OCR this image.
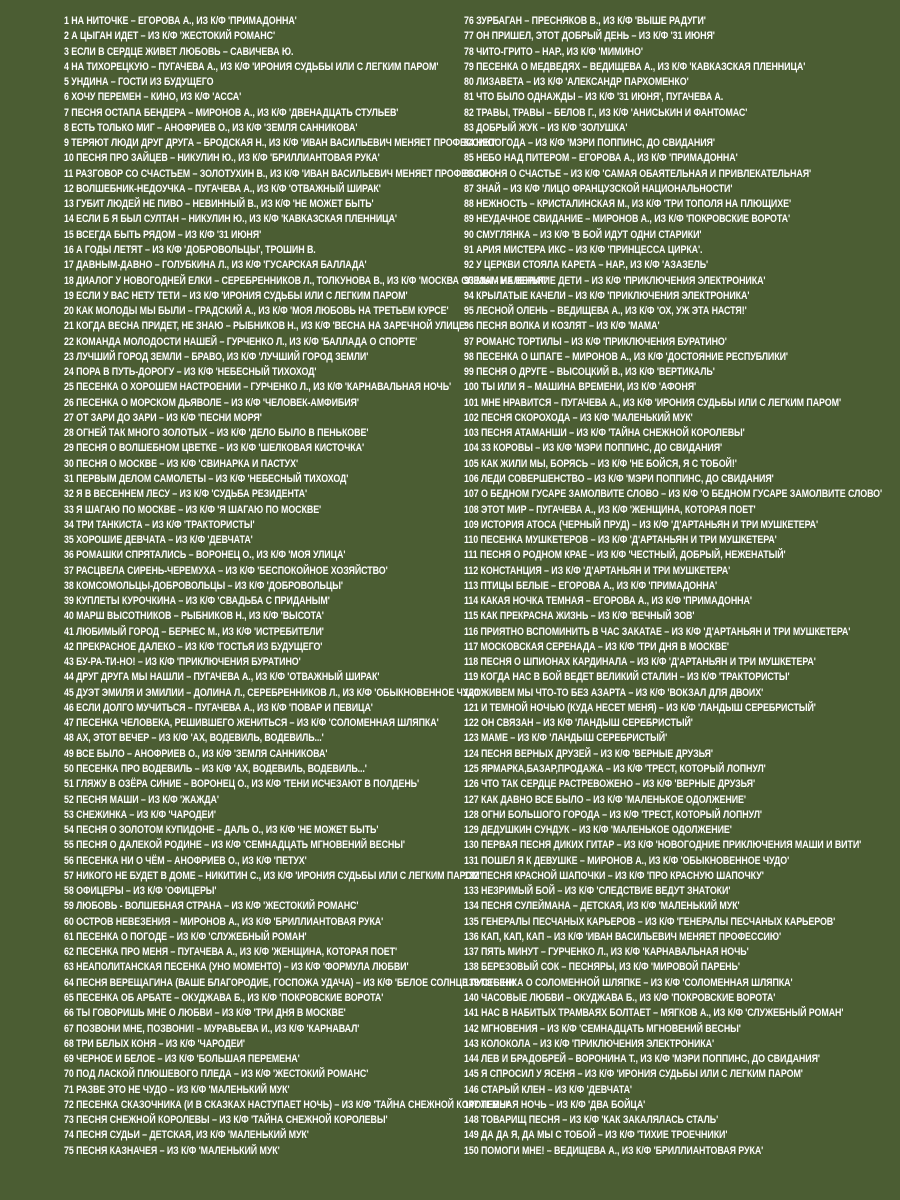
1 НА НИТОЧКЕ – ЕГОРОВА А., ИЗ К/Ф 'ПРИМАДОННА'
2 А ЦЫГАН ИДЕТ – ИЗ К/Ф 'ЖЕСТОКИЙ РОМАНС'
3 ЕСЛИ В СЕРДЦЕ ЖИВЕТ ЛЮБОВЬ – САВИЧЕВА Ю.
4 НА ТИХОРЕЦКУЮ – ПУГАЧЕВА А., ИЗ К/Ф 'ИРОНИЯ СУДЬБЫ ИЛИ С ЛЕГКИМ ПАРОМ'
5 УНДИНА – ГОСТИ ИЗ БУДУЩЕГО
6 ХОЧУ ПЕРЕМЕН – КИНО, ИЗ К/Ф 'АССА'
7 ПЕСНЯ ОСТАПА БЕНДЕРА – МИРОНОВ А., ИЗ К/Ф 'ДВЕНАДЦАТЬ СТУЛЬЕВ'
8 ЕСТЬ ТОЛЬКО МИГ – АНОФРИЕВ О., ИЗ К/Ф 'ЗЕМЛЯ САННИКОВА'
9 ТЕРЯЮТ ЛЮДИ ДРУГ ДРУГА – БРОДСКАЯ Н., ИЗ К/Ф 'ИВАН ВАСИЛЬЕВИЧ МЕНЯЕТ ПРОФЕССИЮ'
10 ПЕСНЯ ПРО ЗАЙЦЕВ – НИКУЛИН Ю., ИЗ К/Ф 'БРИЛЛИАНТОВАЯ РУКА'
11 РАЗГОВОР СО СЧАСТЬЕМ – ЗОЛОТУХИН В., ИЗ К/Ф 'ИВАН ВАСИЛЬЕВИЧ МЕНЯЕТ ПРОФЕССИЮ'
12 ВОЛШЕБНИК-НЕДОУЧКА – ПУГАЧЕВА А., ИЗ К/Ф 'ОТВАЖНЫЙ ШИРАК'
13 ГУБИТ ЛЮДЕЙ НЕ ПИВО – НЕВИННЫЙ В., ИЗ К/Ф 'НЕ МОЖЕТ БЫТЬ'
14 ЕСЛИ Б Я БЫЛ СУЛТАН – НИКУЛИН Ю., ИЗ К/Ф 'КАВКАЗСКАЯ ПЛЕННИЦА'
15 ВСЕГДА БЫТЬ РЯДОМ – ИЗ К/Ф '31 ИЮНЯ'
16 А ГОДЫ ЛЕТЯТ – ИЗ К/Ф 'ДОБРОВОЛЬЦЫ', ТРОШИН В.
17 ДАВНЫМ-ДАВНО – ГОЛУБКИНА Л., ИЗ К/Ф 'ГУСАРСКАЯ БАЛЛАДА'
18 ДИАЛОГ У НОВОГОДНЕЙ ЕЛКИ – СЕРЕБРЕННИКОВ Л., ТОЛКУНОВА В., ИЗ К/Ф 'МОСКВА СЛЕЗАМ НЕ ВЕРИТ'
19 ЕСЛИ У ВАС НЕТУ ТЕТИ – ИЗ К/Ф 'ИРОНИЯ СУДЬБЫ ИЛИ С ЛЕГКИМ ПАРОМ'
20 КАК МОЛОДЫ МЫ БЫЛИ – ГРАДСКИЙ А., ИЗ К/Ф 'МОЯ ЛЮБОВЬ НА ТРЕТЬЕМ КУРСЕ'
21 КОГДА ВЕСНА ПРИДЕТ, НЕ ЗНАЮ – РЫБНИКОВ Н., ИЗ К/Ф 'ВЕСНА НА ЗАРЕЧНОЙ УЛИЦЕ'
22 КОМАНДА МОЛОДОСТИ НАШЕЙ – ГУРЧЕНКО Л., ИЗ К/Ф 'БАЛЛАДА О СПОРТЕ'
23 ЛУЧШИЙ ГОРОД ЗЕМЛИ – БРАВО, ИЗ К/Ф 'ЛУЧШИЙ ГОРОД ЗЕМЛИ'
24 ПОРА В ПУТЬ-ДОРОГУ – ИЗ К/Ф 'НЕБЕСНЫЙ ТИХОХОД'
25 ПЕСЕНКА О ХОРОШЕМ НАСТРОЕНИИ – ГУРЧЕНКО Л., ИЗ К/Ф 'КАРНАВАЛЬНАЯ НОЧЬ'
26 ПЕСЕНКА О МОРСКОМ ДЬЯВОЛЕ – ИЗ К/Ф 'ЧЕЛОВЕК-АМФИБИЯ'
27 ОТ ЗАРИ ДО ЗАРИ – ИЗ К/Ф 'ПЕСНИ МОРЯ'
28 ОГНЕЙ ТАК МНОГО ЗОЛОТЫХ – ИЗ К/Ф 'ДЕЛО БЫЛО В ПЕНЬКОВЕ'
29 ПЕСНЯ О ВОЛШЕБНОМ ЦВЕТКЕ – ИЗ К/Ф 'ШЕЛКОВАЯ КИСТОЧКА'
30 ПЕСНЯ О МОСКВЕ – ИЗ К/Ф 'СВИНАРКА И ПАСТУХ'
31 ПЕРВЫМ ДЕЛОМ САМОЛЕТЫ – ИЗ К/Ф 'НЕБЕСНЫЙ ТИХОХОД'
32 Я В ВЕСЕННЕМ ЛЕСУ – ИЗ К/Ф 'СУДЬБА РЕЗИДЕНТА'
33 Я ШАГАЮ ПО МОСКВЕ – ИЗ К/Ф 'Я ШАГАЮ ПО МОСКВЕ'
34 ТРИ ТАНКИСТА – ИЗ К/Ф 'ТРАКТОРИСТЫ'
35 ХОРОШИЕ ДЕВЧАТА – ИЗ К/Ф 'ДЕВЧАТА'
36 РОМАШКИ СПРЯТАЛИСЬ – ВОРОНЕЦ О., ИЗ К/Ф 'МОЯ УЛИЦА'
37 РАСЦВЕЛА СИРЕНЬ-ЧЕРЕМУХА – ИЗ К/Ф 'БЕСПОКОЙНОЕ ХОЗЯЙСТВО'
38 КОМСОМОЛЬЦЫ-ДОБРОВОЛЬЦЫ – ИЗ К/Ф 'ДОБРОВОЛЬЦЫ'
39 КУПЛЕТЫ КУРОЧКИНА – ИЗ К/Ф 'СВАДЬБА С ПРИДАНЫМ'
40 МАРШ ВЫСОТНИКОВ – РЫБНИКОВ Н., ИЗ К/Ф 'ВЫСОТА'
41 ЛЮБИМЫЙ ГОРОД – БЕРНЕС М., ИЗ К/Ф 'ИСТРЕБИТЕЛИ'
42 ПРЕКРАСНОЕ ДАЛЕКО – ИЗ К/Ф 'ГОСТЬЯ ИЗ БУДУЩЕГО'
43 БУ-РА-ТИ-НО! – ИЗ К/Ф 'ПРИКЛЮЧЕНИЯ БУРАТИНО'
44 ДРУГ ДРУГА МЫ НАШЛИ – ПУГАЧЕВА А., ИЗ К/Ф 'ОТВАЖНЫЙ ШИРАК'
45 ДУЭТ ЭМИЛЯ И ЭМИЛИИ – ДОЛИНА Л., СЕРЕБРЕННИКОВ Л., ИЗ К/Ф 'ОБЫКНОВЕННОЕ ЧУДО'
46 ЕСЛИ ДОЛГО МУЧИТЬСЯ – ПУГАЧЕВА А., ИЗ К/Ф 'ПОВАР И ПЕВИЦА'
47 ПЕСЕНКА ЧЕЛОВЕКА, РЕШИВШЕГО ЖЕНИТЬСЯ – ИЗ К/Ф 'СОЛОМЕННАЯ ШЛЯПКА'
48 АХ, ЭТОТ ВЕЧЕР – ИЗ К/Ф 'АХ, ВОДЕВИЛЬ, ВОДЕВИЛЬ...'
49 ВСЕ БЫЛО – АНОФРИЕВ О., ИЗ К/Ф 'ЗЕМЛЯ САННИКОВА'
50 ПЕСЕНКА ПРО ВОДЕВИЛЬ – ИЗ К/Ф 'АХ, ВОДЕВИЛЬ, ВОДЕВИЛЬ...'
51 ГЛЯЖУ В ОЗЁРА СИНИЕ – ВОРОНЕЦ О., ИЗ К/Ф 'ТЕНИ ИСЧЕЗАЮТ В ПОЛДЕНЬ'
52 ПЕСНЯ МАШИ – ИЗ К/Ф 'ЖАЖДА'
53 СНЕЖИНКА – ИЗ К/Ф 'ЧАРОДЕИ'
54 ПЕСНЯ О ЗОЛОТОМ КУПИДОНЕ – ДАЛЬ О., ИЗ К/Ф 'НЕ МОЖЕТ БЫТЬ'
55 ПЕСНЯ О ДАЛЕКОЙ РОДИНЕ – ИЗ К/Ф 'СЕМНАДЦАТЬ МГНОВЕНИЙ ВЕСНЫ'
56 ПЕСЕНКА НИ О ЧЁМ – АНОФРИЕВ О., ИЗ К/Ф 'ПЕТУХ'
57 НИКОГО НЕ БУДЕТ В ДОМЕ – НИКИТИН С., ИЗ К/Ф 'ИРОНИЯ СУДЬБЫ ИЛИ С ЛЕГКИМ ПАРОМ'
58 ОФИЦЕРЫ – ИЗ К/Ф 'ОФИЦЕРЫ'
59 ЛЮБОВЬ - ВОЛШЕБНАЯ СТРАНА – ИЗ К/Ф 'ЖЕСТОКИЙ РОМАНС'
60 ОСТРОВ НЕВЕЗЕНИЯ – МИРОНОВ А., ИЗ К/Ф 'БРИЛЛИАНТОВАЯ РУКА'
61 ПЕСЕНКА О ПОГОДЕ – ИЗ К/Ф 'СЛУЖЕБНЫЙ РОМАН'
62 ПЕСЕНКА ПРО МЕНЯ – ПУГАЧЕВА А., ИЗ К/Ф 'ЖЕНЩИНА, КОТОРАЯ ПОЕТ'
63 НЕАПОЛИТАНСКАЯ ПЕСЕНКА (УНО МОМЕНТО) – ИЗ К/Ф 'ФОРМУЛА ЛЮБВИ'
64 ПЕСНЯ ВЕРЕЩАГИНА (ВАШЕ БЛАГОРОДИЕ, ГОСПОЖА УДАЧА) – ИЗ К/Ф 'БЕЛОЕ СОЛНЦЕ ПУСТЫНИ'
65 ПЕСЕНКА ОБ АРБАТЕ – ОКУДЖАВА Б., ИЗ К/Ф 'ПОКРОВСКИЕ ВОРОТА'
66 ТЫ ГОВОРИШЬ МНЕ О ЛЮБВИ – ИЗ К/Ф 'ТРИ ДНЯ В МОСКВЕ'
67 ПОЗВОНИ МНЕ, ПОЗВОНИ! – МУРАВЬЕВА И., ИЗ К/Ф 'КАРНАВАЛ'
68 ТРИ БЕЛЫХ КОНЯ – ИЗ К/Ф 'ЧАРОДЕИ'
69 ЧЕРНОЕ И БЕЛОЕ – ИЗ К/Ф 'БОЛЬШАЯ ПЕРЕМЕНА'
70 ПОД ЛАСКОЙ ПЛЮШЕВОГО ПЛЕДА – ИЗ К/Ф 'ЖЕСТОКИЙ РОМАНС'
71 РАЗВЕ ЭТО НЕ ЧУДО – ИЗ К/Ф 'МАЛЕНЬКИЙ МУК'
72 ПЕСЕНКА СКАЗОЧНИКА (И В СКАЗКАХ НАСТУПАЕТ НОЧЬ) – ИЗ К/Ф 'ТАЙНА СНЕЖНОЙ КОРОЛЕВЫ'
73 ПЕСНЯ СНЕЖНОЙ КОРОЛЕВЫ – ИЗ К/Ф 'ТАЙНА СНЕЖНОЙ КОРОЛЕВЫ'
74 ПЕСНЯ СУДЬИ – ДЕТСКАЯ, ИЗ К/Ф 'МАЛЕНЬКИЙ МУК'
75 ПЕСНЯ КАЗНАЧЕЯ – ИЗ К/Ф 'МАЛЕНЬКИЙ МУК'
76 ЗУРБАГАН – ПРЕСНЯКОВ В., ИЗ К/Ф 'ВЫШЕ РАДУГИ'
77 ОН ПРИШЕЛ, ЭТОТ ДОБРЫЙ ДЕНЬ – ИЗ К/Ф '31 ИЮНЯ'
78 ЧИТО-ГРИТО – НАР., ИЗ К/Ф 'МИМИНО'
79 ПЕСЕНКА О МЕДВЕДЯХ – ВЕДИЩЕВА А., ИЗ К/Ф 'КАВКАЗСКАЯ ПЛЕННИЦА'
80 ЛИЗАВЕТА – ИЗ К/Ф 'АЛЕКСАНДР ПАРХОМЕНКО'
81 ЧТО БЫЛО ОДНАЖДЫ – ИЗ К/Ф '31 ИЮНЯ', ПУГАЧЕВА А.
82 ТРАВЫ, ТРАВЫ – БЕЛОВ Г., ИЗ К/Ф 'АНИСЬКИН И ФАНТОМАС'
83 ДОБРЫЙ ЖУК – ИЗ К/Ф 'ЗОЛУШКА'
84 НЕПОГОДА – ИЗ К/Ф 'МЭРИ ПОППИНС, ДО СВИДАНИЯ'
85 НЕБО НАД ПИТЕРОМ – ЕГОРОВА А., ИЗ К/Ф 'ПРИМАДОННА'
86 ПЕСНЯ О СЧАСТЬЕ – ИЗ К/Ф 'САМАЯ ОБАЯТЕЛЬНАЯ И ПРИВЛЕКАТЕЛЬНАЯ'
87 ЗНАЙ – ИЗ К/Ф 'ЛИЦО ФРАНЦУЗСКОЙ НАЦИОНАЛЬНОСТИ'
88 НЕЖНОСТЬ – КРИСТАЛИНСКАЯ М., ИЗ К/Ф 'ТРИ ТОПОЛЯ НА ПЛЮЩИХЕ'
89 НЕУДАЧНОЕ СВИДАНИЕ – МИРОНОВ А., ИЗ К/Ф 'ПОКРОВСКИЕ ВОРОТА'
90 СМУГЛЯНКА – ИЗ К/Ф 'В БОЙ ИДУТ ОДНИ СТАРИКИ'
91 АРИЯ МИСТЕРА ИКС – ИЗ К/Ф 'ПРИНЦЕССА ЦИРКА'.
92 У ЦЕРКВИ СТОЯЛА КАРЕТА – НАР., ИЗ К/Ф 'АЗАЗЕЛЬ'
93 МЫ - МАЛЕНЬКИЕ ДЕТИ – ИЗ К/Ф 'ПРИКЛЮЧЕНИЯ ЭЛЕКТРОНИКА'
94 КРЫЛАТЫЕ КАЧЕЛИ – ИЗ К/Ф 'ПРИКЛЮЧЕНИЯ ЭЛЕКТРОНИКА'
95 ЛЕСНОЙ ОЛЕНЬ – ВЕДИЩЕВА А., ИЗ К/Ф 'ОХ, УЖ ЭТА НАСТЯ!'
96 ПЕСНЯ ВОЛКА И КОЗЛЯТ – ИЗ К/Ф 'МАМА'
97 РОМАНС ТОРТИЛЫ – ИЗ К/Ф 'ПРИКЛЮЧЕНИЯ БУРАТИНО'
98 ПЕСЕНКА О ШПАГЕ – МИРОНОВ А., ИЗ К/Ф 'ДОСТОЯНИЕ РЕСПУБЛИКИ'
99 ПЕСНЯ О ДРУГЕ – ВЫСОЦКИЙ В., ИЗ К/Ф 'ВЕРТИКАЛЬ'
100 ТЫ ИЛИ Я – МАШИНА ВРЕМЕНИ, ИЗ К/Ф 'АФОНЯ'
101 МНЕ НРАВИТСЯ – ПУГАЧЕВА А., ИЗ К/Ф 'ИРОНИЯ СУДЬБЫ ИЛИ С ЛЕГКИМ ПАРОМ'
102 ПЕСНЯ СКОРОХОДА – ИЗ К/Ф 'МАЛЕНЬКИЙ МУК'
103 ПЕСНЯ АТАМАНШИ – ИЗ К/Ф 'ТАЙНА СНЕЖНОЙ КОРОЛЕВЫ'
104 33 КОРОВЫ – ИЗ К/Ф 'МЭРИ ПОППИНС, ДО СВИДАНИЯ'
105 КАК ЖИЛИ МЫ, БОРЯСЬ – ИЗ К/Ф 'НЕ БОЙСЯ, Я С ТОБОЙ!'
106 ЛЕДИ СОВЕРШЕНСТВО – ИЗ К/Ф 'МЭРИ ПОППИНС, ДО СВИДАНИЯ'
107 О БЕДНОМ ГУСАРЕ ЗАМОЛВИТЕ СЛОВО – ИЗ К/Ф 'О БЕДНОМ ГУСАРЕ ЗАМОЛВИТЕ СЛОВО'
108 ЭТОТ МИР – ПУГАЧЕВА А., ИЗ К/Ф 'ЖЕНЩИНА, КОТОРАЯ ПОЕТ'
109 ИСТОРИЯ АТОСА (ЧЕРНЫЙ ПРУД) – ИЗ К/Ф 'Д'АРТАНЬЯН И ТРИ МУШКЕТЕРА'
110 ПЕСЕНКА МУШКЕТЕРОВ – ИЗ К/Ф 'Д'АРТАНЬЯН И ТРИ МУШКЕТЕРА'
111 ПЕСНЯ О РОДНОМ КРАЕ – ИЗ К/Ф 'ЧЕСТНЫЙ, ДОБРЫЙ, НЕЖЕНАТЫЙ'
112 КОНСТАНЦИЯ – ИЗ К/Ф 'Д'АРТАНЬЯН И ТРИ МУШКЕТЕРА'
113 ПТИЦЫ БЕЛЫЕ – ЕГОРОВА А., ИЗ К/Ф 'ПРИМАДОННА'
114 КАКАЯ НОЧКА ТЕМНАЯ – ЕГОРОВА А., ИЗ К/Ф 'ПРИМАДОННА'
115 КАК ПРЕКРАСНА ЖИЗНЬ – ИЗ К/Ф 'ВЕЧНЫЙ ЗОВ'
116 ПРИЯТНО ВСПОМИНИТЬ В ЧАС ЗАКАТАЕ – ИЗ К/Ф 'Д'АРТАНЬЯН И ТРИ МУШКЕТЕРА'
117 МОСКОВСКАЯ СЕРЕНАДА – ИЗ К/Ф 'ТРИ ДНЯ В МОСКВЕ'
118 ПЕСНЯ О ШПИОНАХ КАРДИНАЛА – ИЗ К/Ф 'Д'АРТАНЬЯН И ТРИ МУШКЕТЕРА'
119 КОГДА НАС В БОЙ ВЕДЕТ ВЕЛИКИЙ СТАЛИН – ИЗ К/Ф 'ТРАКТОРИСТЫ'
120 ЖИВЕМ МЫ ЧТО-ТО БЕЗ АЗАРТА – ИЗ К/Ф 'ВОКЗАЛ ДЛЯ ДВОИХ'
121 И ТЕМНОЙ НОЧЬЮ (КУДА НЕСЕТ МЕНЯ) – ИЗ К/Ф 'ЛАНДЫШ СЕРЕБРИСТЫЙ'
122 ОН СВЯЗАН – ИЗ К/Ф 'ЛАНДЫШ СЕРЕБРИСТЫЙ'
123 МАМЕ – ИЗ К/Ф 'ЛАНДЫШ СЕРЕБРИСТЫЙ'
124 ПЕСНЯ ВЕРНЫХ ДРУЗЕЙ – ИЗ К/Ф 'ВЕРНЫЕ ДРУЗЬЯ'
125 ЯРМАРКА,БАЗАР,ПРОДАЖА – ИЗ К/Ф 'ТРЕСТ, КОТОРЫЙ ЛОПНУЛ'
126 ЧТО ТАК СЕРДЦЕ РАСТРЕВОЖЕНО – ИЗ К/Ф 'ВЕРНЫЕ ДРУЗЬЯ'
127 КАК ДАВНО ВСЕ БЫЛО – ИЗ К/Ф 'МАЛЕНЬКОЕ ОДОЛЖЕНИЕ'
128 ОГНИ БОЛЬШОГО ГОРОДА – ИЗ К/Ф 'ТРЕСТ, КОТОРЫЙ ЛОПНУЛ'
129 ДЕДУШКИН СУНДУК – ИЗ К/Ф 'МАЛЕНЬКОЕ ОДОЛЖЕНИЕ'
130 ПЕРВАЯ ПЕСНЯ ДИКИХ ГИТАР – ИЗ К/Ф 'НОВОГОДНИЕ ПРИКЛЮЧЕНИЯ МАШИ И ВИТИ'
131 ПОШЕЛ Я К ДЕВУШКЕ – МИРОНОВ А., ИЗ К/Ф 'ОБЫКНОВЕННОЕ ЧУДО'
132 ПЕСНЯ КРАСНОЙ ШАПОЧКИ – ИЗ К/Ф 'ПРО КРАСНУЮ ШАПОЧКУ'
133 НЕЗРИМЫЙ БОЙ – ИЗ К/Ф 'СЛЕДСТВИЕ ВЕДУТ ЗНАТОКИ'
134 ПЕСНЯ СУЛЕЙМАНА – ДЕТСКАЯ, ИЗ К/Ф 'МАЛЕНЬКИЙ МУК'
135 ГЕНЕРАЛЫ ПЕСЧАНЫХ КАРЬЕРОВ – ИЗ К/Ф 'ГЕНЕРАЛЫ ПЕСЧАНЫХ КАРЬЕРОВ'
136 КАП, КАП, КАП – ИЗ К/Ф 'ИВАН ВАСИЛЬЕВИЧ МЕНЯЕТ ПРОФЕССИЮ'
137 ПЯТЬ МИНУТ – ГУРЧЕНКО Л., ИЗ К/Ф 'КАРНАВАЛЬНАЯ НОЧЬ'
138 БЕРЕЗОВЫЙ СОК – ПЕСНЯРЫ, ИЗ К/Ф 'МИРОВОЙ ПАРЕНЬ'
139 ПЕСЕНКА О СОЛОМЕННОЙ ШЛЯПКЕ – ИЗ К/Ф 'СОЛОМЕННАЯ ШЛЯПКА'
140 ЧАСОВЫЕ ЛЮБВИ – ОКУДЖАВА Б., ИЗ К/Ф 'ПОКРОВСКИЕ ВОРОТА'
141 НАС В НАБИТЫХ ТРАМВАЯХ БОЛТАЕТ – МЯГКОВ А., ИЗ К/Ф 'СЛУЖЕБНЫЙ РОМАН'
142 МГНОВЕНИЯ – ИЗ К/Ф 'СЕМНАДЦАТЬ МГНОВЕНИЙ ВЕСНЫ'
143 КОЛОКОЛА – ИЗ К/Ф 'ПРИКЛЮЧЕНИЯ ЭЛЕКТРОНИКА'
144 ЛЕВ И БРАДОБРЕЙ – ВОРОНИНА Т., ИЗ К/Ф 'МЭРИ ПОППИНС, ДО СВИДАНИЯ'
145 Я СПРОСИЛ У ЯСЕНЯ – ИЗ К/Ф 'ИРОНИЯ СУДЬБЫ ИЛИ С ЛЕГКИМ ПАРОМ'
146 СТАРЫЙ КЛЕН – ИЗ К/Ф 'ДЕВЧАТА'
147 ТЕМНАЯ НОЧЬ – ИЗ К/Ф 'ДВА БОЙЦА'
148 ТОВАРИЩ ПЕСНЯ – ИЗ К/Ф 'КАК ЗАКАЛЯЛАСЬ СТАЛЬ'
149 ДА ДА Я, ДА МЫ С ТОБОЙ – ИЗ К/Ф 'ТИХИЕ ТРОЕЧНИКИ'
150 ПОМОГИ МНЕ! – ВЕДИЩЕВА А., ИЗ К/Ф 'БРИЛЛИАНТОВАЯ РУКА'
